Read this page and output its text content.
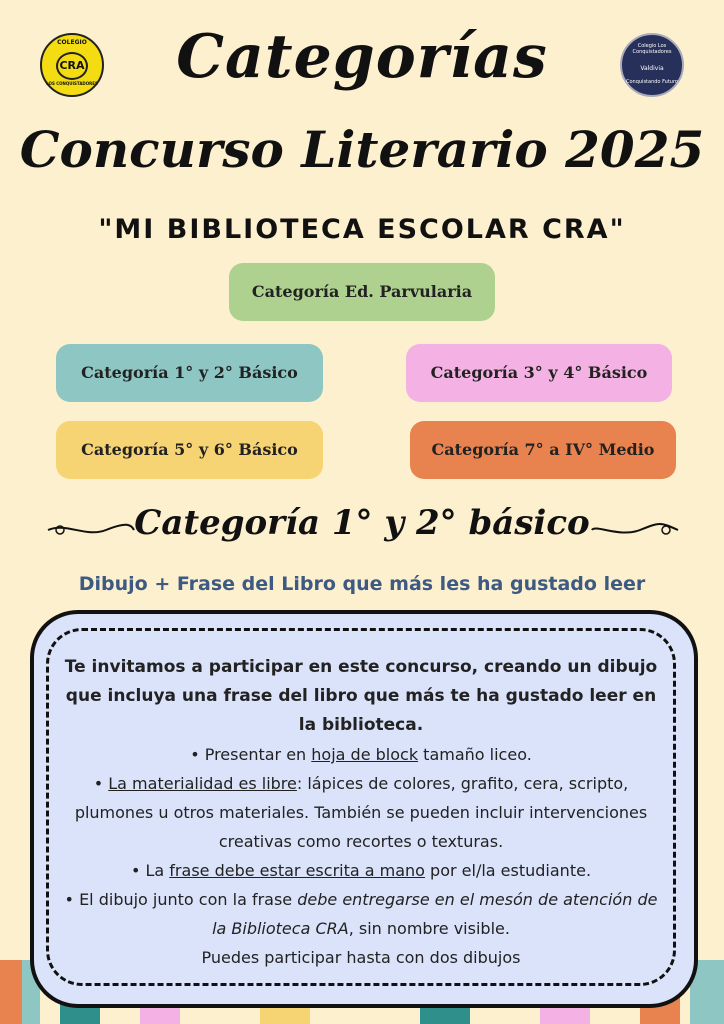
COLEGIO
CRA
LOS CONQUISTADORES
Colegio Los Conquistadores
Valdivia
Conquistando Futuro
Categorías
Concurso Literario 2025
"MI BIBLIOTECA ESCOLAR CRA"
Categoría Ed. Parvularia
Categoría 1° y 2° Básico	Categoría 3° y 4° Básico
Categoría 5° y 6° Básico	Categoría 7° a IV° Medio
Categoría 1° y 2° básico
Dibujo + Frase del Libro que más les ha gustado leer

Te invitamos a participar en este concurso, creando un dibujo que incluya una frase del libro que más te ha gustado leer en la biblioteca.

• Presentar en hoja de block tamaño liceo.

• La materialidad es libre: lápices de colores, grafito, cera, scripto, plumones u otros materiales. También se pueden incluir intervenciones creativas como recortes o texturas.

• La frase debe estar escrita a mano por el/la estudiante.

• El dibujo junto con la frase debe entregarse en el mesón de atención de la Biblioteca CRA, sin nombre visible.

Puedes participar hasta con dos dibujos
